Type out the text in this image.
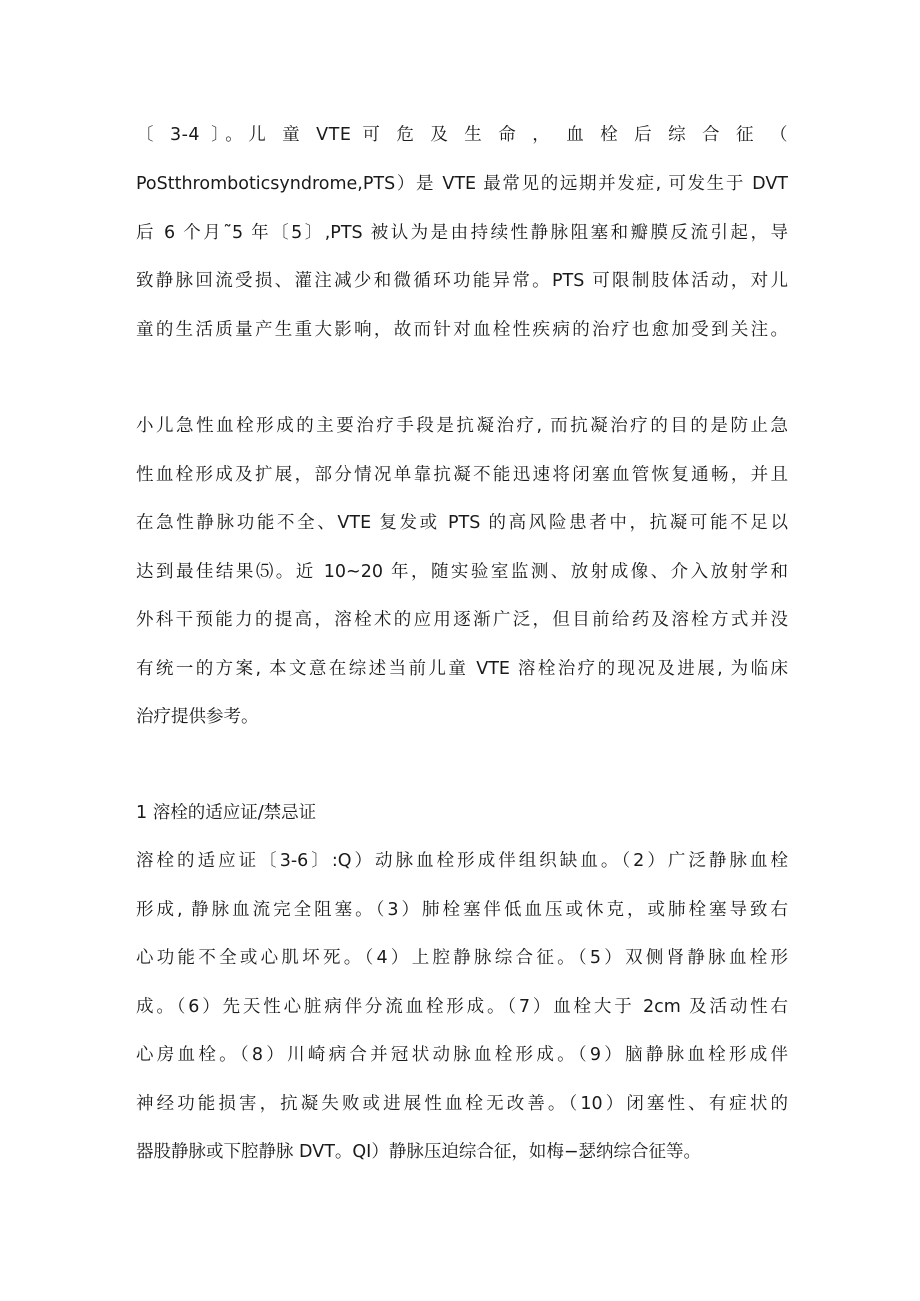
〔 3-4 〕。儿 童 VTE 可 危 及 生 命 ， 血 栓 后 综 合 征 （
PoStthromboticsyndrome,PTS）是 VTE 最常见的远期并发症, 可发生于 DVT
后 6 个月˜5 年〔5〕,PTS 被认为是由持续性静脉阻塞和瓣膜反流引起，导
致静脉回流受损、灌注减少和微循环功能异常。PTS 可限制肢体活动，对儿
童的生活质量产生重大影响，故而针对血栓性疾病的治疗也愈加受到关注。
小儿急性血栓形成的主要治疗手段是抗凝治疗, 而抗凝治疗的目的是防止急
性血栓形成及扩展，部分情况单靠抗凝不能迅速将闭塞血管恢复通畅，并且
在急性静脉功能不全、VTE 复发或 PTS 的高风险患者中，抗凝可能不足以
达到最佳结果⑸。近 10~20 年，随实验室监测、放射成像、介入放射学和
外科干预能力的提高，溶栓术的应用逐渐广泛，但目前给药及溶栓方式并没
有统一的方案, 本文意在综述当前儿童 VTE 溶栓治疗的现况及进展, 为临床
治疗提供参考。
1 溶栓的适应证/禁忌证
溶栓的适应证〔3-6〕:Q）动脉血栓形成伴组织缺血。（2）广泛静脉血栓
形成, 静脉血流完全阻塞。（3）肺栓塞伴低血压或休克，或肺栓塞导致右
心功能不全或心肌坏死。（4）上腔静脉综合征。（5）双侧肾静脉血栓形
成。（6）先天性心脏病伴分流血栓形成。（7）血栓大于 2cm 及活动性右
心房血栓。（8）川崎病合并冠状动脉血栓形成。（9）脑静脉血栓形成伴
神经功能损害，抗凝失败或进展性血栓无改善。（10）闭塞性、有症状的
器股静脉或下腔静脉 DVT。QI）静脉压迫综合征，如梅−瑟纳综合征等。
